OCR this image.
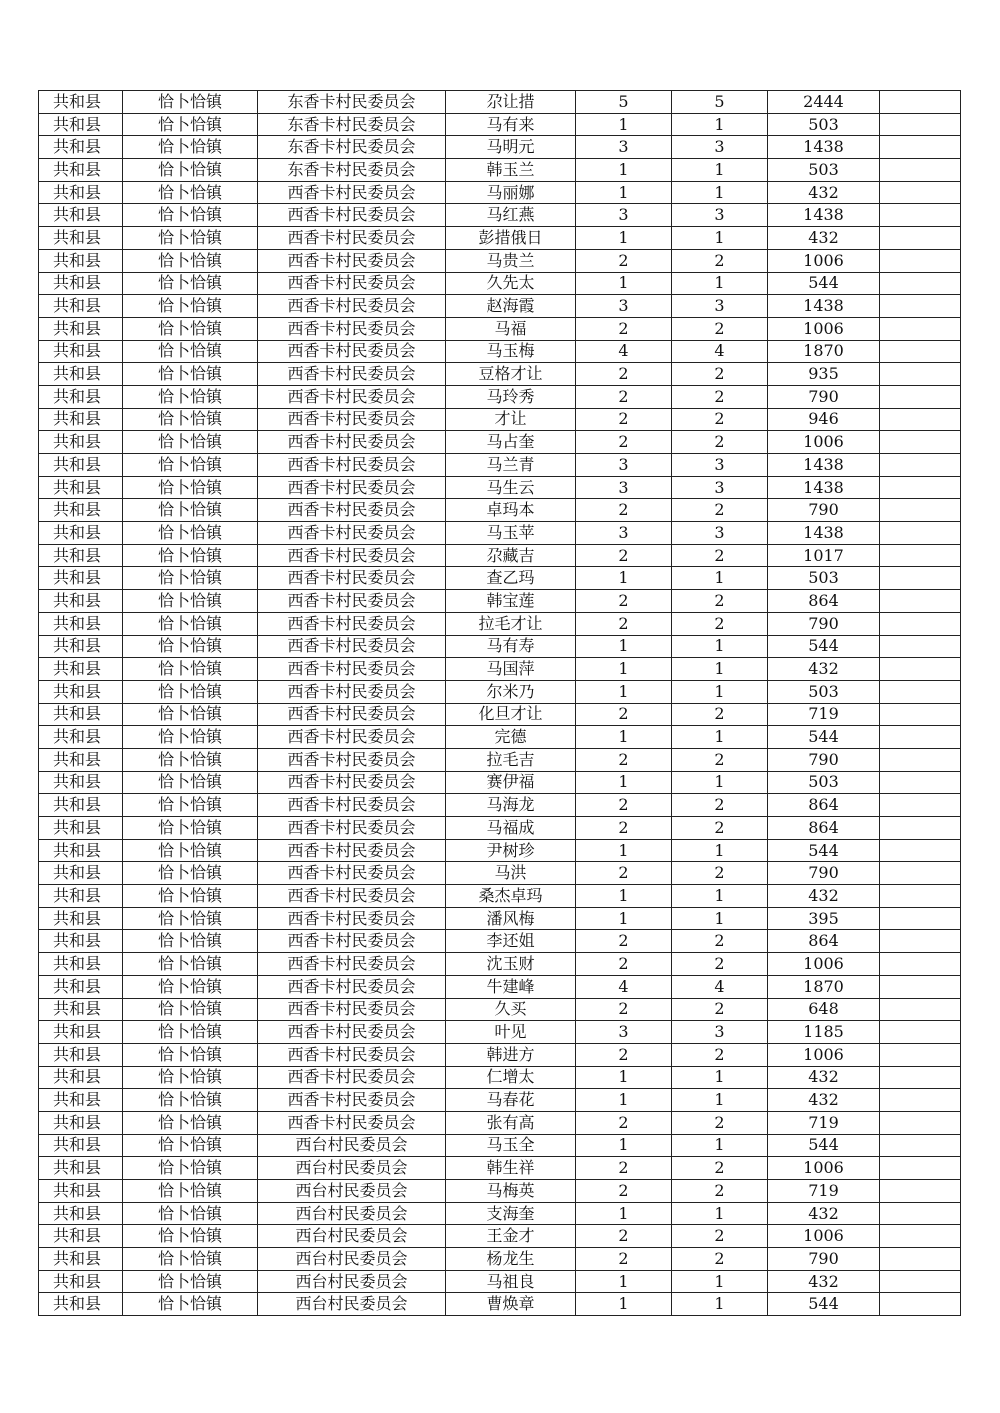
共和县	恰卜恰镇	东香卡村民委员会	尕让措	5	5	2444	
共和县	恰卜恰镇	东香卡村民委员会	马有来	1	1	503	
共和县	恰卜恰镇	东香卡村民委员会	马明元	3	3	1438	
共和县	恰卜恰镇	东香卡村民委员会	韩玉兰	1	1	503	
共和县	恰卜恰镇	西香卡村民委员会	马丽娜	1	1	432	
共和县	恰卜恰镇	西香卡村民委员会	马红燕	3	3	1438	
共和县	恰卜恰镇	西香卡村民委员会	彭措俄日	1	1	432	
共和县	恰卜恰镇	西香卡村民委员会	马贵兰	2	2	1006	
共和县	恰卜恰镇	西香卡村民委员会	久先太	1	1	544	
共和县	恰卜恰镇	西香卡村民委员会	赵海霞	3	3	1438	
共和县	恰卜恰镇	西香卡村民委员会	马福	2	2	1006	
共和县	恰卜恰镇	西香卡村民委员会	马玉梅	4	4	1870	
共和县	恰卜恰镇	西香卡村民委员会	豆格才让	2	2	935	
共和县	恰卜恰镇	西香卡村民委员会	马玲秀	2	2	790	
共和县	恰卜恰镇	西香卡村民委员会	才让	2	2	946	
共和县	恰卜恰镇	西香卡村民委员会	马占奎	2	2	1006	
共和县	恰卜恰镇	西香卡村民委员会	马兰青	3	3	1438	
共和县	恰卜恰镇	西香卡村民委员会	马生云	3	3	1438	
共和县	恰卜恰镇	西香卡村民委员会	卓玛本	2	2	790	
共和县	恰卜恰镇	西香卡村民委员会	马玉苹	3	3	1438	
共和县	恰卜恰镇	西香卡村民委员会	尕藏吉	2	2	1017	
共和县	恰卜恰镇	西香卡村民委员会	查乙玛	1	1	503	
共和县	恰卜恰镇	西香卡村民委员会	韩宝莲	2	2	864	
共和县	恰卜恰镇	西香卡村民委员会	拉毛才让	2	2	790	
共和县	恰卜恰镇	西香卡村民委员会	马有寿	1	1	544	
共和县	恰卜恰镇	西香卡村民委员会	马国萍	1	1	432	
共和县	恰卜恰镇	西香卡村民委员会	尔米乃	1	1	503	
共和县	恰卜恰镇	西香卡村民委员会	化旦才让	2	2	719	
共和县	恰卜恰镇	西香卡村民委员会	完德	1	1	544	
共和县	恰卜恰镇	西香卡村民委员会	拉毛吉	2	2	790	
共和县	恰卜恰镇	西香卡村民委员会	赛伊福	1	1	503	
共和县	恰卜恰镇	西香卡村民委员会	马海龙	2	2	864	
共和县	恰卜恰镇	西香卡村民委员会	马福成	2	2	864	
共和县	恰卜恰镇	西香卡村民委员会	尹树珍	1	1	544	
共和县	恰卜恰镇	西香卡村民委员会	马洪	2	2	790	
共和县	恰卜恰镇	西香卡村民委员会	桑杰卓玛	1	1	432	
共和县	恰卜恰镇	西香卡村民委员会	潘风梅	1	1	395	
共和县	恰卜恰镇	西香卡村民委员会	李还姐	2	2	864	
共和县	恰卜恰镇	西香卡村民委员会	沈玉财	2	2	1006	
共和县	恰卜恰镇	西香卡村民委员会	牛建峰	4	4	1870	
共和县	恰卜恰镇	西香卡村民委员会	久买	2	2	648	
共和县	恰卜恰镇	西香卡村民委员会	叶见	3	3	1185	
共和县	恰卜恰镇	西香卡村民委员会	韩进方	2	2	1006	
共和县	恰卜恰镇	西香卡村民委员会	仁增太	1	1	432	
共和县	恰卜恰镇	西香卡村民委员会	马春花	1	1	432	
共和县	恰卜恰镇	西香卡村民委员会	张有高	2	2	719	
共和县	恰卜恰镇	西台村民委员会	马玉全	1	1	544	
共和县	恰卜恰镇	西台村民委员会	韩生祥	2	2	1006	
共和县	恰卜恰镇	西台村民委员会	马梅英	2	2	719	
共和县	恰卜恰镇	西台村民委员会	支海奎	1	1	432	
共和县	恰卜恰镇	西台村民委员会	王金才	2	2	1006	
共和县	恰卜恰镇	西台村民委员会	杨龙生	2	2	790	
共和县	恰卜恰镇	西台村民委员会	马祖良	1	1	432	
共和县	恰卜恰镇	西台村民委员会	曹焕章	1	1	544	
